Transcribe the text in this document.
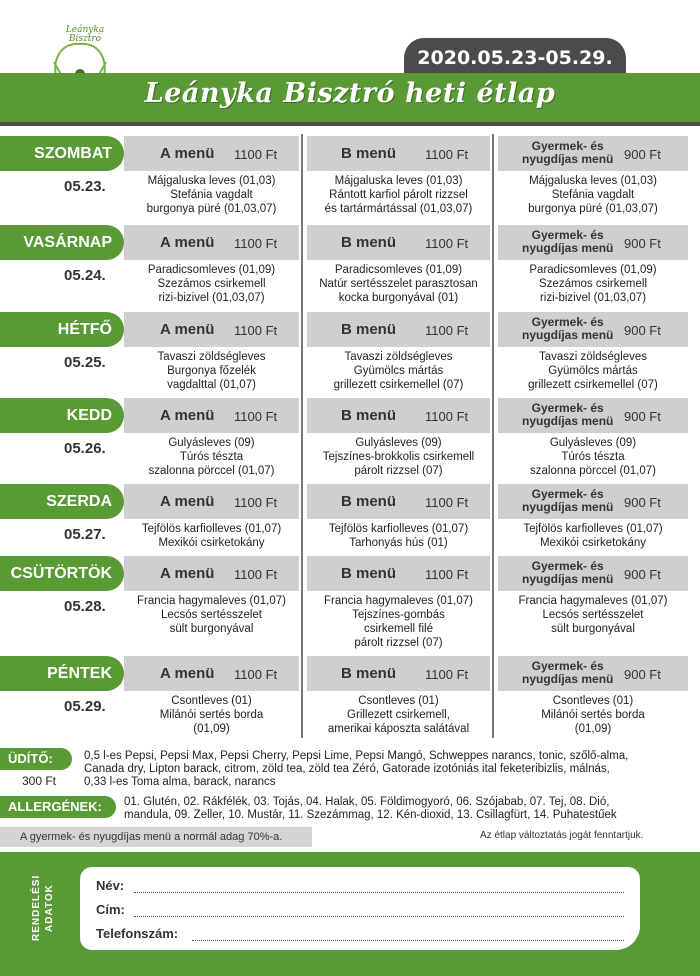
Leányka
Bisztró
2020.05.23-05.29.
Leányka Bisztró heti étlap
SZOMBAT
05.23.
A menü 1100 Ft
Májgaluska leves (01,03)
Stefánia vagdalt
burgonya püré (01,03,07)
B menü 1100 Ft
Májgaluska leves (01,03)
Rántott karfiol párolt rizzsel
és tartármártással (01,03,07)
Gyermek- és
nyugdíjas menü 900 Ft
Májgaluska leves (01,03)
Stefánia vagdalt
burgonya püré (01,03,07)
VASÁRNAP
05.24.
A menü 1100 Ft
Paradicsomleves (01,09)
Szezámos csirkemell
rizi-bizivel (01,03,07)
B menü 1100 Ft
Paradicsomleves (01,09)
Natúr sertésszelet parasztosan
kocka burgonyával (01)
Gyermek- és
nyugdíjas menü 900 Ft
Paradicsomleves (01,09)
Szezámos csirkemell
rizi-bizivel (01,03,07)
HÉTFŐ
05.25.
A menü 1100 Ft
Tavaszi zöldségleves
Burgonya főzelék
vagdalttal (01,07)
B menü 1100 Ft
Tavaszi zöldségleves
Gyümölcs mártás
grillezett csirkemellel (07)
Gyermek- és
nyugdíjas menü 900 Ft
Tavaszi zöldségleves
Gyümölcs mártás
grillezett csirkemellel (07)
KEDD
05.26.
A menü 1100 Ft
Gulyásleves (09)
Túrós tészta
szalonna pörccel (01,07)
B menü 1100 Ft
Gulyásleves (09)
Tejszínes-brokkolis csirkemell
párolt rizzsel (07)
Gyermek- és
nyugdíjas menü 900 Ft
Gulyásleves (09)
Túrós tészta
szalonna pörccel (01,07)
SZERDA
05.27.
A menü 1100 Ft
Tejfölös karfiolleves (01,07)
Mexikói csirketokány
B menü 1100 Ft
Tejfölös karfiolleves (01,07)
Tarhonyás hús (01)
Gyermek- és
nyugdíjas menü 900 Ft
Tejfölös karfiolleves (01,07)
Mexikói csirketokány
CSÜTÖRTÖK
05.28.
A menü 1100 Ft
Francia hagymaleves (01,07)
Lecsós sertésszelet
sült burgonyával
B menü 1100 Ft
Francia hagymaleves (01,07)
Tejszínes-gombás
csirkemell filé
párolt rizzsel (07)
Gyermek- és
nyugdíjas menü 900 Ft
Francia hagymaleves (01,07)
Lecsós sertésszelet
sült burgonyával
PÉNTEK
05.29.
A menü 1100 Ft
Csontleves (01)
Milánói sertés borda
(01,09)
B menü 1100 Ft
Csontleves (01)
Grillezett csirkemell,
amerikai káposzta salátával
Gyermek- és
nyugdíjas menü 900 Ft
Csontleves (01)
Milánói sertés borda
(01,09)
ÜDÍTŐ:
300 Ft
0,5 l-es Pepsi, Pepsi Max, Pepsi Cherry, Pepsi Lime, Pepsi Mangó, Schweppes narancs, tonic, szőlő-alma,
Canada dry, Lipton barack, citrom, zöld tea, zöld tea Zéró, Gatorade izotóniás ital feketeribizlis, málnás,
0,33 l-es Toma alma, barack, narancs
ALLERGÉNEK:	01. Glutén, 02. Rákfélék, 03. Tojás, 04. Halak, 05. Földimogyoró, 06. Szójabab, 07. Tej, 08. Dió,
mandula, 09. Zeller, 10. Mustár, 11. Szezámmag, 12. Kén-dioxid, 13. Csillagfürt, 14. Puhatestűek
A gyermek- és nyugdíjas menü a normál adag 70%-a.	Az étlap változtatás jogát fenntartjuk.
RENDELÉSI ADATOK	Név:
Cím:
Telefonszám:
